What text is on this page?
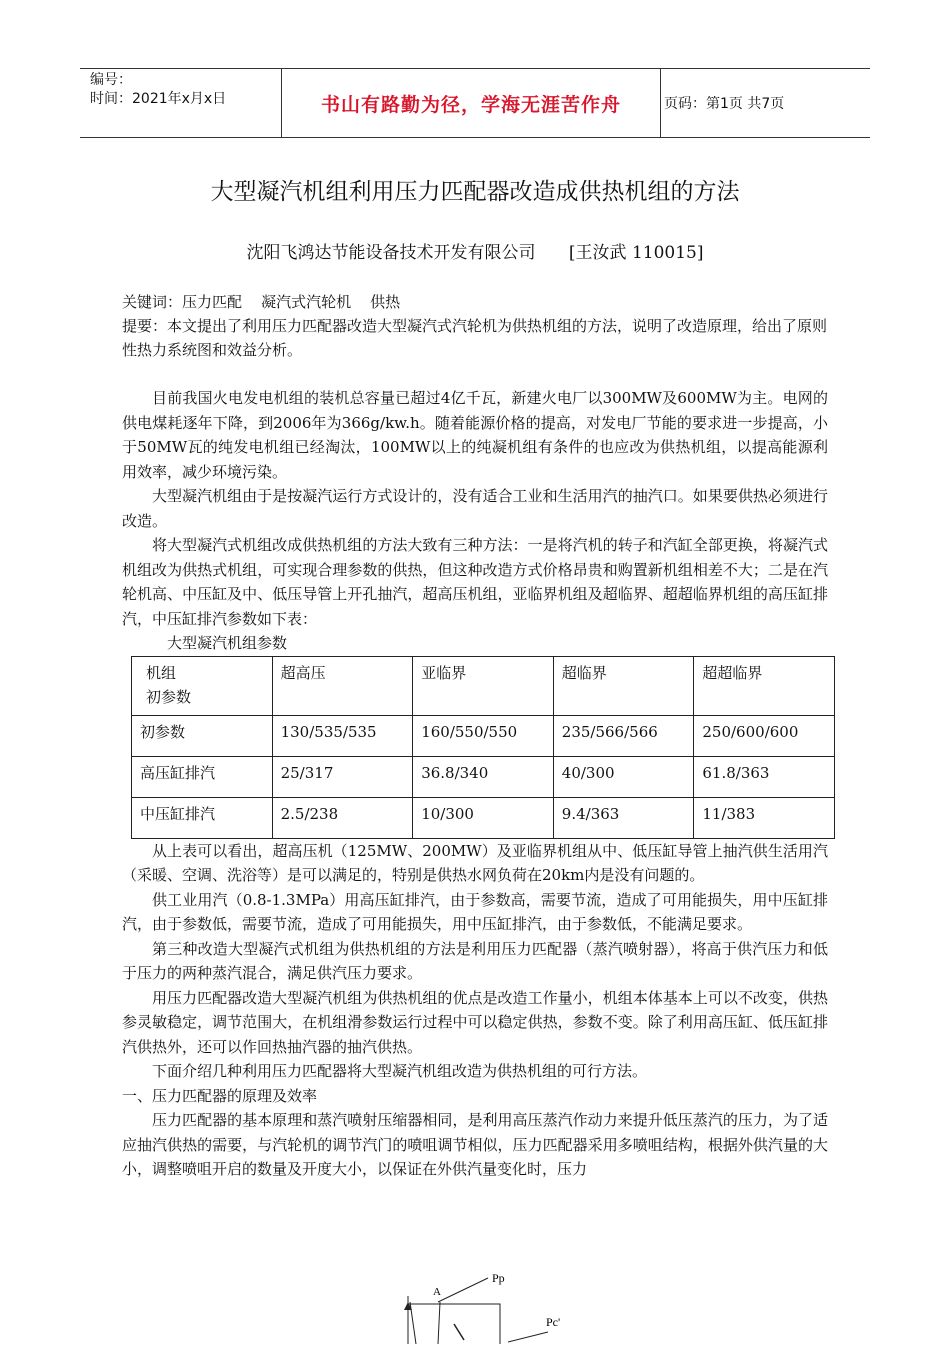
编号：
时间：2021年x月x日	书山有路勤为径，学海无涯苦作舟	页码：第1页 共7页
大型凝汽机组利用压力匹配器改造成供热机组的方法
沈阳飞鸿达节能设备技术开发有限公司 [王汝武 110015]
关键词：压力匹配    凝汽式汽轮机    供热
提要：本文提出了利用压力匹配器改造大型凝汽式汽轮机为供热机组的方法，说明了改造原理，给出了原则性热力系统图和效益分析。

目前我国火电发电机组的装机总容量已超过4亿千瓦，新建火电厂以300MW及600MW为主。电网的供电煤耗逐年下降，到2006年为366g/kw.h。随着能源价格的提高，对发电厂节能的要求进一步提高，小于50MW瓦的纯发电机组已经淘汰，100MW以上的纯凝机组有条件的也应改为供热机组，以提高能源利用效率，减少环境污染。

大型凝汽机组由于是按凝汽运行方式设计的，没有适合工业和生活用汽的抽汽口。如果要供热必须进行改造。

将大型凝汽式机组改成供热机组的方法大致有三种方法：一是将汽机的转子和汽缸全部更换，将凝汽式机组改为供热式机组，可实现合理参数的供热，但这种改造方式价格昂贵和购置新机组相差不大；二是在汽轮机高、中压缸及中、低压导管上开孔抽汽，超高压机组，亚临界机组及超临界、超超临界机组的高压缸排汽，中压缸排汽参数如下表：

大型凝汽机组参数

机组
初参数	超高压	亚临界	超临界	超超临界
初参数	130/535/535	160/550/550	235/566/566	250/600/600
高压缸排汽	25/317	36.8/340	40/300	61.8/363
中压缸排汽	2.5/238	10/300	9.4/363	11/383

从上表可以看出，超高压机（125MW、200MW）及亚临界机组从中、低压缸导管上抽汽供生活用汽（采暖、空调、洗浴等）是可以满足的，特别是供热水网负荷在20km内是没有问题的。

供工业用汽（0.8-1.3MPa）用高压缸排汽，由于参数高，需要节流，造成了可用能损失，用中压缸排汽，由于参数低，需要节流，造成了可用能损失，用中压缸排汽，由于参数低，不能满足要求。

第三种改造大型凝汽式机组为供热机组的方法是利用压力匹配器（蒸汽喷射器），将高于供汽压力和低于压力的两种蒸汽混合，满足供汽压力要求。

用压力匹配器改造大型凝汽机组为供热机组的优点是改造工作量小，机组本体基本上可以不改变，供热参灵敏稳定，调节范围大，在机组滑参数运行过程中可以稳定供热，参数不变。除了利用高压缸、低压缸排汽供热外，还可以作回热抽汽器的抽汽供热。

下面介绍几种利用压力匹配器将大型凝汽机组改造为供热机组的可行方法。

一、压力匹配器的原理及效率

压力匹配器的基本原理和蒸汽喷射压缩器相同，是利用高压蒸汽作动力来提升低压蒸汽的压力，为了适应抽汽供热的需要，与汽轮机的调节汽门的喷咀调节相似，压力匹配器采用多喷咀结构，根据外供汽量的大小，调整喷咀开启的数量及开度大小，以保证在外供汽量变化时，压力

Pp
A
Pc'
